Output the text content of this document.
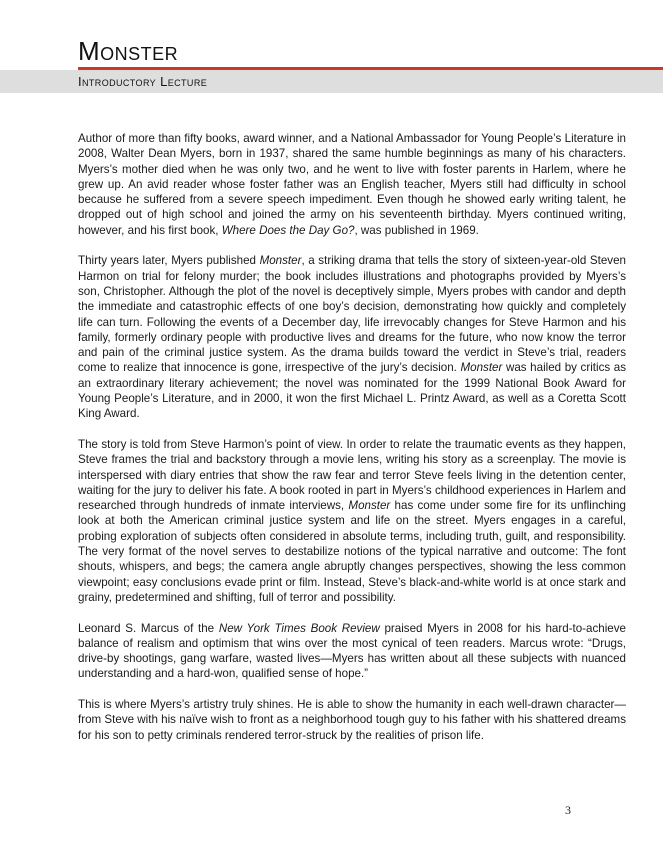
Monster
Introductory Lecture

Author of more than fifty books, award winner, and a National Ambassador for Young People’s Literature in 2008, Walter Dean Myers, born in 1937, shared the same humble beginnings as many of his characters. Myers’s mother died when he was only two, and he went to live with foster parents in Harlem, where he grew up. An avid reader whose foster father was an English teacher, Myers still had difficulty in school because he suffered from a severe speech impediment. Even though he showed early writing talent, he dropped out of high school and joined the army on his seventeenth birthday. Myers continued writing, however, and his first book, Where Does the Day Go?, was published in 1969.

Thirty years later, Myers published Monster, a striking drama that tells the story of sixteen-year-old Steven Harmon on trial for felony murder; the book includes illustrations and photographs provided by Myers’s son, Christopher. Although the plot of the novel is deceptively simple, Myers probes with candor and depth the immediate and catastrophic effects of one boy’s decision, demonstrating how quickly and completely life can turn. Following the events of a December day, life irrevocably changes for Steve Harmon and his family, formerly ordinary people with productive lives and dreams for the future, who now know the terror and pain of the criminal justice system. As the drama builds toward the verdict in Steve’s trial, readers come to realize that innocence is gone, irrespective of the jury’s decision. Monster was hailed by critics as an extraordinary literary achievement; the novel was nominated for the 1999 National Book Award for Young People’s Literature, and in 2000, it won the first Michael L. Printz Award, as well as a Coretta Scott King Award.

The story is told from Steve Harmon’s point of view. In order to relate the traumatic events as they happen, Steve frames the trial and backstory through a movie lens, writing his story as a screenplay. The movie is interspersed with diary entries that show the raw fear and terror Steve feels living in the detention center, waiting for the jury to deliver his fate. A book rooted in part in Myers’s childhood experiences in Harlem and researched through hundreds of inmate interviews, Monster has come under some fire for its unflinching look at both the American criminal justice system and life on the street. Myers engages in a careful, probing exploration of subjects often considered in absolute terms, including truth, guilt, and responsibility. The very format of the novel serves to destabilize notions of the typical narrative and outcome: The font shouts, whispers, and begs; the camera angle abruptly changes perspectives, showing the less common viewpoint; easy conclusions evade print or film. Instead, Steve’s black-and-white world is at once stark and grainy, predetermined and shifting, full of terror and possibility.

Leonard S. Marcus of the New York Times Book Review praised Myers in 2008 for his hard-to-achieve balance of realism and optimism that wins over the most cynical of teen readers. Marcus wrote: “Drugs, drive-by shootings, gang warfare, wasted lives—Myers has written about all these subjects with nuanced understanding and a hard-won, qualified sense of hope.”

This is where Myers’s artistry truly shines. He is able to show the humanity in each well-drawn character—from Steve with his naïve wish to front as a neighborhood tough guy to his father with his shattered dreams for his son to petty criminals rendered terror-struck by the realities of prison life.

3
